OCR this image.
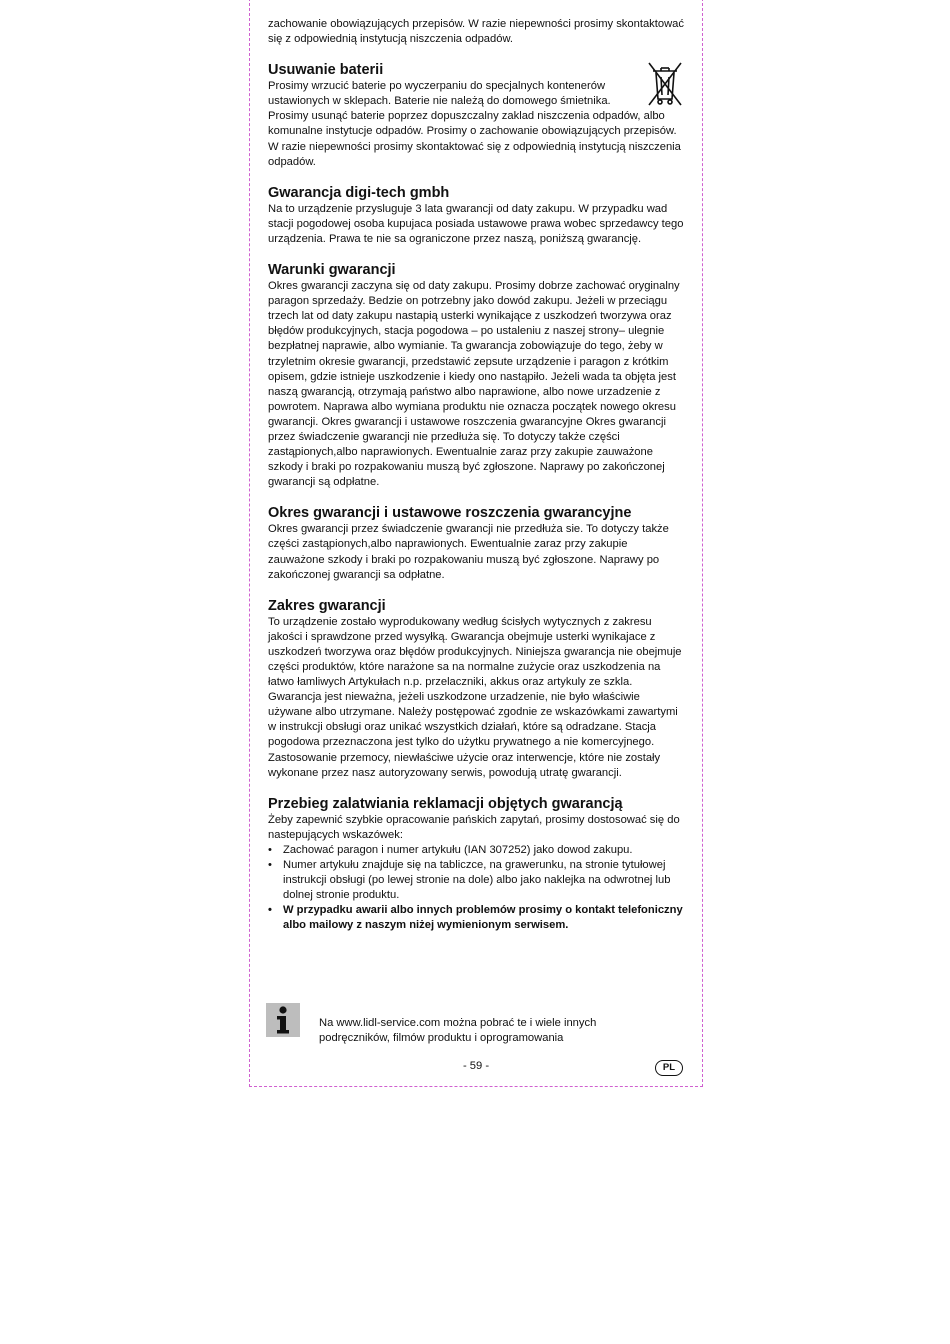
zachowanie obowiązujących przepisów. W razie niepewności prosimy skontaktować się z odpowiednią instytucją niszczenia odpadów.

Usuwanie baterii

Prosimy wrzucić baterie po wyczerpaniu do specjalnych kontenerów ustawionych w sklepach. Baterie nie należą do domowego śmietnika.

Prosimy usunąć baterie poprzez dopuszczalny zaklad niszczenia odpadów, albo komunalne instytucje odpadów. Prosimy o zachowanie obowiązujących przepisów. W razie niepewności prosimy skontaktować się z odpowiednią instytucją niszczenia odpadów.

Gwarancja digi-tech gmbh

Na to urządzenie przysluguje 3 lata gwarancji od daty zakupu. W przypadku wad stacji pogodowej osoba kupujaca posiada ustawowe prawa wobec sprzedawcy tego urządzenia. Prawa te nie sa ograniczone przez naszą, poniższą gwarancję.

Warunki gwarancji

Okres gwarancji zaczyna się od daty zakupu. Prosimy dobrze zachować oryginalny paragon sprzedaży. Bedzie on potrzebny jako dowód zakupu. Jeżeli w przeciągu trzech lat od daty zakupu nastapią usterki wynikające z uszkodzeń tworzywa oraz błędów produkcyjnych, stacja pogodowa – po ustaleniu z naszej strony– ulegnie bezpłatnej naprawie, albo wymianie. Ta gwarancja zobowiązuje do tego, żeby w trzyletnim okresie gwarancji, przedstawić zepsute urządzenie i paragon z krótkim opisem, gdzie istnieje uszkodzenie i kiedy ono nastąpiło. Jeżeli wada ta objęta jest naszą gwarancją, otrzymają państwo albo naprawione, albo nowe urzadzenie z powrotem. Naprawa albo wymiana produktu nie oznacza początek nowego okresu gwarancji. Okres gwarancji i ustawowe roszczenia gwarancyjne Okres gwarancji przez świadczenie gwarancji nie przedłuża się. To dotyczy także części zastąpionych,albo naprawionych. Ewentualnie zaraz przy zakupie zauważone szkody i braki po rozpakowaniu muszą być zgłoszone. Naprawy po zakończonej gwarancji są odpłatne.

Okres gwarancji i ustawowe roszczenia gwarancyjne

Okres gwarancji przez świadczenie gwarancji nie przedłuża sie. To dotyczy także części zastąpionych,albo naprawionych. Ewentualnie zaraz przy zakupie zauważone szkody i braki po rozpakowaniu muszą być zgłoszone. Naprawy po zakończonej gwarancji sa odpłatne.

Zakres gwarancji

To urządzenie zostało wyprodukowany według ścisłych wytycznych z zakresu jakości i sprawdzone przed wysyłką. Gwarancja obejmuje usterki wynikajace z uszkodzeń tworzywa oraz błędów produkcyjnych. Niniejsza gwarancja nie obejmuje części produktów, które narażone sa na normalne zużycie oraz uszkodzenia na łatwo łamliwych Artykułach n.p. przelaczniki, akkus oraz artykuly ze szkla.

Gwarancja jest nieważna, jeżeli uszkodzone urzadzenie, nie było właściwie używane albo utrzymane. Należy postępować zgodnie ze wskazówkami zawartymi w instrukcji obsługi oraz unikać wszystkich działań, które są odradzane. Stacja pogodowa przeznaczona jest tylko do użytku prywatnego a nie komercyjnego. Zastosowanie przemocy, niewłaściwe użycie oraz interwencje, które nie zostały wykonane przez nasz autoryzowany serwis, powodują utratę gwarancji.

Przebieg zalatwiania reklamacji objętych gwarancją

Żeby zapewnić szybkie opracowanie pańskich zapytań, prosimy dostosować się do nastepujących wskazówek:

• Zachować paragon i numer artykułu (IAN 307252) jako dowod zakupu.
• Numer artykułu znajduje się na tabliczce, na grawerunku, na stronie tytułowej instrukcji obsługi (po lewej stronie na dole) albo jako naklejka na odwrotnej lub dolnej stronie produktu.
• W przypadku awarii albo innych problemów prosimy o kontakt telefoniczny albo mailowy z naszym niżej wymienionym serwisem.

Na www.lidl-service.com można pobrać te i wiele innych podręczników, filmów produktu i oprogramowania

- 59 -	PL
